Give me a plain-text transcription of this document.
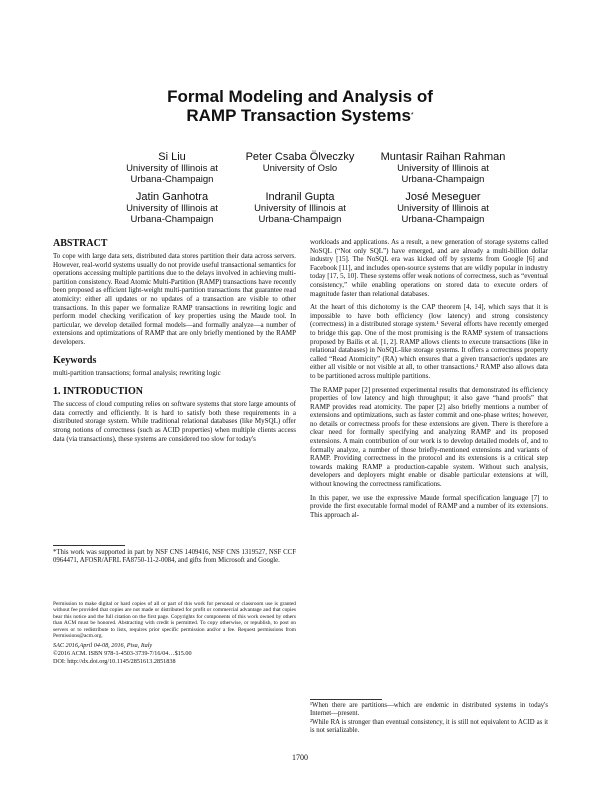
Formal Modeling and Analysis of
RAMP Transaction Systems*
Si Liu
University of Illinois at
Urbana-Champaign
Peter Csaba Ölveczky
University of Oslo
Muntasir Raihan Rahman
University of Illinois at
Urbana-Champaign
Jatin Ganhotra
University of Illinois at
Urbana-Champaign
Indranil Gupta
University of Illinois at
Urbana-Champaign
José Meseguer
University of Illinois at
Urbana-Champaign
ABSTRACT

To cope with large data sets, distributed data stores partition their data across servers. However, real-world systems usually do not provide useful transactional semantics for operations accessing multiple partitions due to the delays involved in achieving multi-partition consistency. Read Atomic Multi-Partition (RAMP) transactions have recently been proposed as efficient light-weight multi-partition transactions that guarantee read atomicity: either all updates or no updates of a transaction are visible to other transactions. In this paper we formalize RAMP transactions in rewriting logic and perform model checking verification of key properties using the Maude tool. In particular, we develop detailed formal models—and formally analyze—a number of extensions and optimizations of RAMP that are only briefly mentioned by the RAMP developers.

Keywords

multi-partition transactions; formal analysis; rewriting logic

1. INTRODUCTION

The success of cloud computing relies on software systems that store large amounts of data correctly and efficiently. It is hard to satisfy both these requirements in a distributed storage system. While traditional relational databases (like MySQL) offer strong notions of correctness (such as ACID properties) when multiple clients access data (via transactions), these systems are considered too slow for today's

*This work was supported in part by NSF CNS 1409416, NSF CNS 1319527, NSF CCF 0964471, AFOSR/AFRL FA8750-11-2-0084, and gifts from Microsoft and Google.
Permission to make digital or hard copies of all or part of this work for personal or classroom use is granted without fee provided that copies are not made or distributed for profit or commercial advantage and that copies bear this notice and the full citation on the first page. Copyrights for components of this work owned by others than ACM must be honored. Abstracting with credit is permitted. To copy otherwise, or republish, to post on servers or to redistribute to lists, requires prior specific permission and/or a fee. Request permissions from Permissions@acm.org.
SAC 2016,April 04-08, 2016, Pisa, Italy
©2016 ACM. ISBN 978-1-4503-3739-7/16/04…$15.00
DOI: http://dx.doi.org/10.1145/2851613.2851838

workloads and applications. As a result, a new generation of storage systems called NoSQL (“Not only SQL”) have emerged, and are already a multi-billion dollar industry [15]. The NoSQL era was kicked off by systems from Google [6] and Facebook [11], and includes open-source systems that are wildly popular in industry today [17, 5, 10]. These systems offer weak notions of correctness, such as “eventual consistency,” while enabling operations on stored data to execute orders of magnitude faster than relational databases.

At the heart of this dichotomy is the CAP theorem [4, 14], which says that it is impossible to have both efficiency (low latency) and strong consistency (correctness) in a distributed storage system.¹ Several efforts have recently emerged to bridge this gap. One of the most promising is the RAMP system of transactions proposed by Bailis et al. [1, 2]. RAMP allows clients to execute transactions (like in relational databases) in NoSQL-like storage systems. It offers a correctness property called “Read Atomicity” (RA) which ensures that a given transaction's updates are either all visible or not visible at all, to other transactions.² RAMP also allows data to be partitioned across multiple partitions.

The RAMP paper [2] presented experimental results that demonstrated its efficiency properties of low latency and high throughput; it also gave “hand proofs” that RAMP provides read atomicity. The paper [2] also briefly mentions a number of extensions and optimizations, such as faster commit and one-phase writes; however, no details or correctness proofs for these extensions are given. There is therefore a clear need for formally specifying and analyzing RAMP and its proposed extensions. A main contribution of our work is to develop detailed models of, and to formally analyze, a number of those briefly-mentioned extensions and variants of RAMP. Providing correctness in the protocol and its extensions is a critical step towards making RAMP a production-capable system. Without such analysis, developers and deployers might enable or disable particular extensions at will, without knowing the correctness ramifications.

In this paper, we use the expressive Maude formal specification language [7] to provide the first executable formal model of RAMP and a number of its extensions. This approach al-

¹When there are partitions—which are endemic in distributed systems in today's Internet—present.
²While RA is stronger than eventual consistency, it is still not equivalent to ACID as it is not serializable.
1700
